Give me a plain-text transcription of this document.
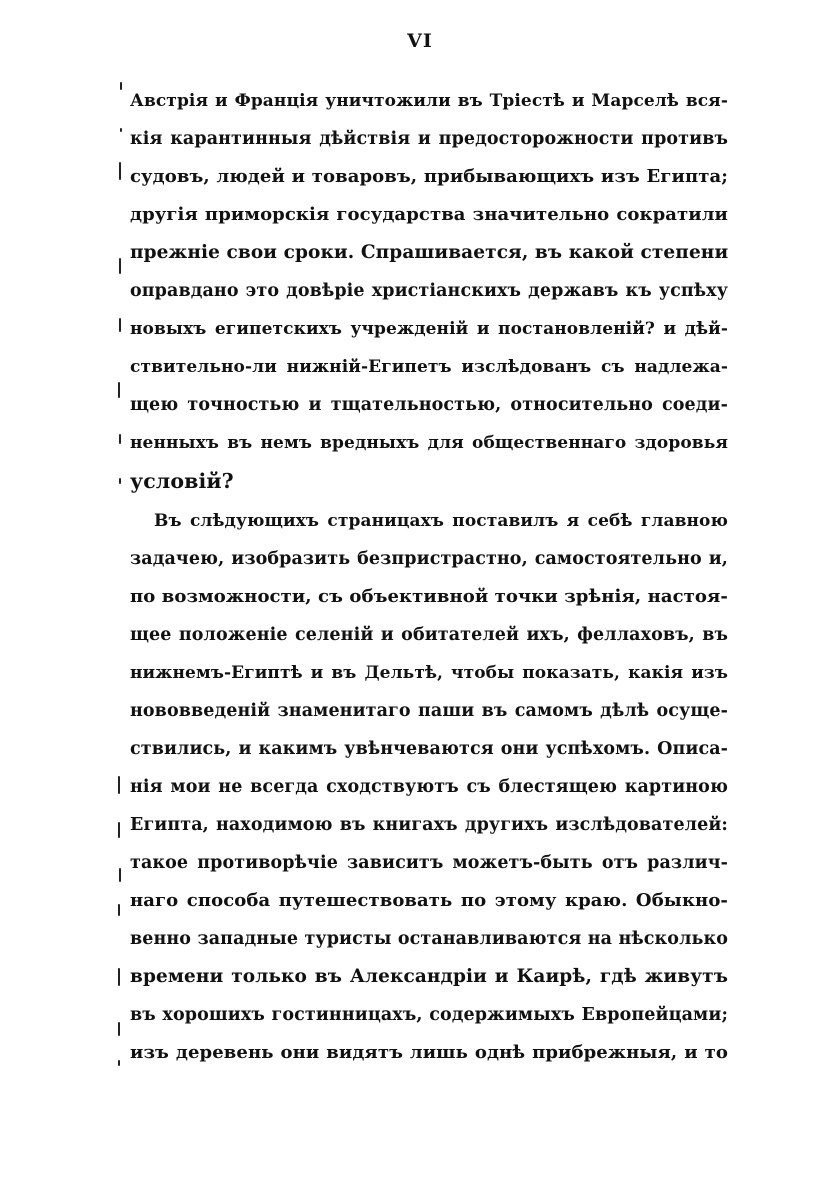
VI
Австрія и Франція уничтожили въ Тріестѣ и Марселѣ вся-
кія карантинныя дѣйствія и предосторожности противъ
судовъ, людей и товаровъ, прибывающихъ изъ Египта;
другія приморскія государства значительно сократили
прежніе свои сроки. Спрашивается, въ какой степени
оправдано это довѣріе христіанскихъ державъ къ успѣху
новыхъ египетскихъ учрежденій и постановленій? и дѣй-
ствительно-ли нижній-Египетъ изслѣдованъ съ надлежа-
щею точностью и тщательностью, относительно соеди-
ненныхъ въ немъ вредныхъ для общественнаго здоровья
условій?
Въ слѣдующихъ страницахъ поставилъ я себѣ главною
задачею, изобразить безпристрастно, самостоятельно и,
по возможности, съ объективной точки зрѣнія, настоя-
щее положеніе селеній и обитателей ихъ, феллаховъ, въ
нижнемъ-Египтѣ и въ Дельтѣ, чтобы показать, какія изъ
нововведеній знаменитаго паши въ самомъ дѣлѣ осуще-
ствились, и какимъ увѣнчеваются они успѣхомъ. Описа-
нія мои не всегда сходствуютъ съ блестящею картиною
Египта, находимою въ книгахъ другихъ изслѣдователей:
такое противорѣчіе зависитъ можетъ-быть отъ различ-
наго способа путешествовать по этому краю. Обыкно-
венно западные туристы останавливаются на нѣсколько
времени только въ Александріи и Каирѣ, гдѣ живутъ
въ хорошихъ гостинницахъ, содержимыхъ Европейцами;
изъ деревень они видятъ лишь однѣ прибрежныя, и то
